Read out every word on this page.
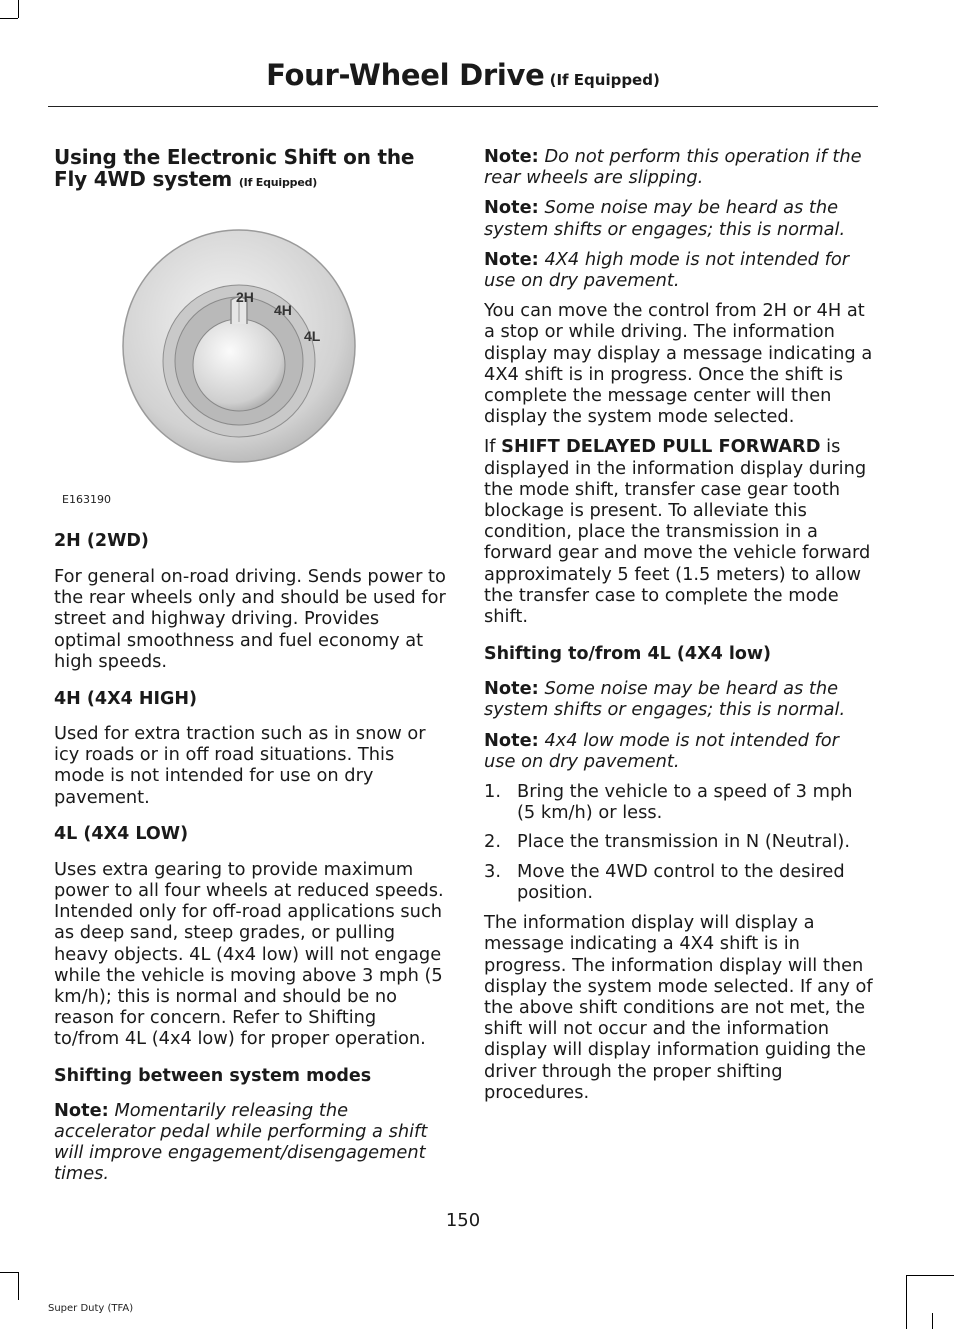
Four-Wheel Drive (If Equipped)
Using the Electronic Shift on the Fly 4WD system (If Equipped)
2H
4H
4L
E163190
2H (2WD)

For general on-road driving. Sends power to the rear wheels only and should be used for street and highway driving. Provides optimal smoothness and fuel economy at high speeds.

4H (4X4 HIGH)

Used for extra traction such as in snow or icy roads or in off road situations. This mode is not intended for use on dry pavement.

4L (4X4 LOW)

Uses extra gearing to provide maximum power to all four wheels at reduced speeds. Intended only for off-road applications such as deep sand, steep grades, or pulling heavy objects. 4L (4x4 low) will not engage while the vehicle is moving above 3 mph (5 km/h); this is normal and should be no reason for concern. Refer to Shifting to/from 4L (4x4 low) for proper operation.

Shifting between system modes

Note: Momentarily releasing the accelerator pedal while performing a shift will improve engagement/disengagement times.

Note: Do not perform this operation if the rear wheels are slipping.

Note: Some noise may be heard as the system shifts or engages; this is normal.

Note: 4X4 high mode is not intended for use on dry pavement.

You can move the control from 2H or 4H at a stop or while driving. The information display may display a message indicating a 4X4 shift is in progress. Once the shift is complete the message center will then display the system mode selected.

If SHIFT DELAYED PULL FORWARD is displayed in the information display during the mode shift, transfer case gear tooth blockage is present. To alleviate this condition, place the transmission in a forward gear and move the vehicle forward approximately 5 feet (1.5 meters) to allow the transfer case to complete the mode shift.

Shifting to/from 4L (4X4 low)

Note: Some noise may be heard as the system shifts or engages; this is normal.

Note: 4x4 low mode is not intended for use on dry pavement.

1. Bring the vehicle to a speed of 3 mph (5 km/h) or less.
2. Place the transmission in N (Neutral).
3. Move the 4WD control to the desired position.

The information display will display a message indicating a 4X4 shift is in progress. The information display will then display the system mode selected. If any of the above shift conditions are not met, the shift will not occur and the information display will display information guiding the driver through the proper shifting procedures.

150
Super Duty (TFA)
